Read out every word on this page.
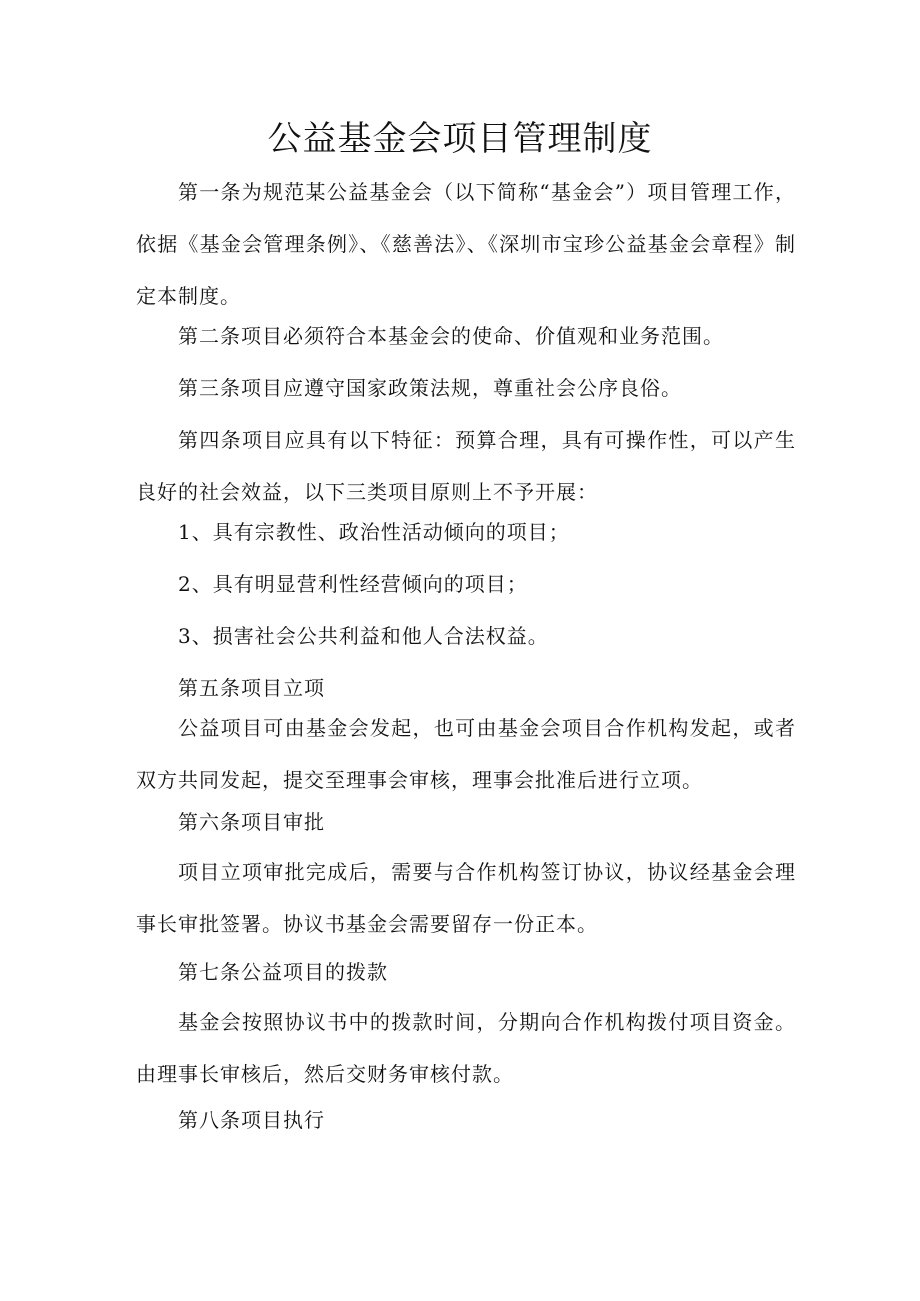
公益基金会项目管理制度

第一条为规范某公益基金会（以下简称“基金会”）项目管理工作，依据《基金会管理条例》、《慈善法》、《深圳市宝珍公益基金会章程》制定本制度。

第二条项目必须符合本基金会的使命、价值观和业务范围。

第三条项目应遵守国家政策法规，尊重社会公序良俗。

第四条项目应具有以下特征：预算合理，具有可操作性，可以产生良好的社会效益，以下三类项目原则上不予开展：

1、具有宗教性、政治性活动倾向的项目；

2、具有明显营利性经营倾向的项目；

3、损害社会公共利益和他人合法权益。

第五条项目立项

公益项目可由基金会发起，也可由基金会项目合作机构发起，或者双方共同发起，提交至理事会审核，理事会批准后进行立项。

第六条项目审批

项目立项审批完成后，需要与合作机构签订协议，协议经基金会理事长审批签署。协议书基金会需要留存一份正本。

第七条公益项目的拨款

基金会按照协议书中的拨款时间，分期向合作机构拨付项目资金。由理事长审核后，然后交财务审核付款。

第八条项目执行
